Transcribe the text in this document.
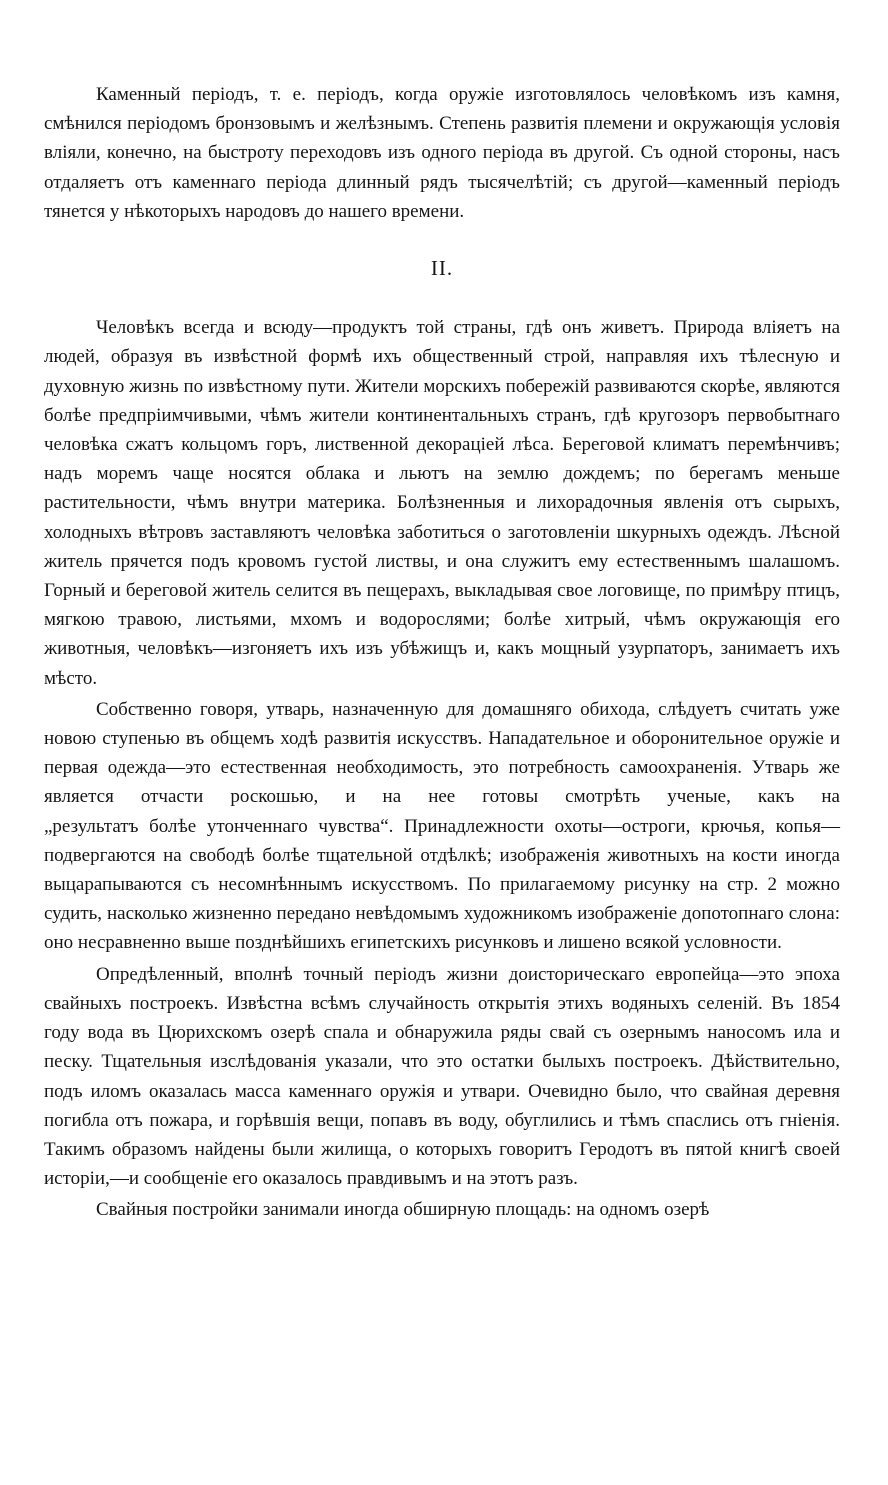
Каменный періодъ, т. е. періодъ, когда оружіе изготовлялось человѣкомъ изъ камня, смѣнился періодомъ бронзовымъ и желѣзнымъ. Степень развитія племени и окружающія условія вліяли, конечно, на быстроту переходовъ изъ одного періода въ другой. Съ одной стороны, насъ отдаляетъ отъ каменнаго періода длинный рядъ тысячелѣтій; съ другой—каменный періодъ тянется у нѣкоторыхъ народовъ до нашего времени.

II.

Человѣкъ всегда и всюду—продуктъ той страны, гдѣ онъ живетъ. Природа вліяетъ на людей, образуя въ извѣстной формѣ ихъ общественный строй, направляя ихъ тѣлесную и духовную жизнь по извѣстному пути. Жители морскихъ побережій развиваются скорѣе, являются болѣе предпріимчивыми, чѣмъ жители континентальныхъ странъ, гдѣ кругозоръ первобытнаго человѣка сжатъ кольцомъ горъ, лиственной декораціей лѣса. Береговой климатъ перемѣнчивъ; надъ моремъ чаще носятся облака и льютъ на землю дождемъ; по берегамъ меньше растительности, чѣмъ внутри материка. Болѣзненныя и лихорадочныя явленія отъ сырыхъ, холодныхъ вѣтровъ заставляютъ человѣка заботиться о заготовленіи шкурныхъ одеждъ. Лѣсной житель прячется подъ кровомъ густой листвы, и она служитъ ему естественнымъ шалашомъ. Горный и береговой житель селится въ пещерахъ, выкладывая свое логовище, по примѣру птицъ, мягкою травою, листьями, мхомъ и водорослями; болѣе хитрый, чѣмъ окружающія его животныя, человѣкъ—изгоняетъ ихъ изъ убѣжищъ и, какъ мощный узурпаторъ, занимаетъ ихъ мѣсто.

Собственно говоря, утварь, назначенную для домашняго обихода, слѣдуетъ считать уже новою ступенью въ общемъ ходѣ развитія искусствъ. Нападательное и оборонительное оружіе и первая одежда—это естественная необходимость, это потребность самоохраненія. Утварь же является отчасти роскошью, и на нее готовы смотрѣть ученые, какъ на „результатъ болѣе утонченнаго чувства“. Принадлежности охоты—остроги, крючья, копья—подвергаются на свободѣ болѣе тщательной отдѣлкѣ; изображенія животныхъ на кости иногда выцарапываются съ несомнѣннымъ искусствомъ. По прилагаемому рисунку на стр. 2 можно судить, насколько жизненно передано невѣдомымъ художникомъ изображеніе допотопнаго слона: оно несравненно выше позднѣйшихъ египетскихъ рисунковъ и лишено всякой условности.

Опредѣленный, вполнѣ точный періодъ жизни доисторическаго европейца—это эпоха свайныхъ построекъ. Извѣстна всѣмъ случайность открытія этихъ водяныхъ селеній. Въ 1854 году вода въ Цюрихскомъ озерѣ спала и обнаружила ряды свай съ озернымъ наносомъ ила и песку. Тщательныя изслѣдованія указали, что это остатки былыхъ построекъ. Дѣйствительно, подъ иломъ оказалась масса каменнаго оружія и утвари. Очевидно было, что свайная деревня погибла отъ пожара, и горѣвшія вещи, попавъ въ воду, обуглились и тѣмъ спаслись отъ гніенія. Такимъ образомъ найдены были жилища, о которыхъ говоритъ Геродотъ въ пятой книгѣ своей исторіи,—и сообщеніе его оказалось правдивымъ и на этотъ разъ.

Свайныя постройки занимали иногда обширную площадь: на одномъ озерѣ
